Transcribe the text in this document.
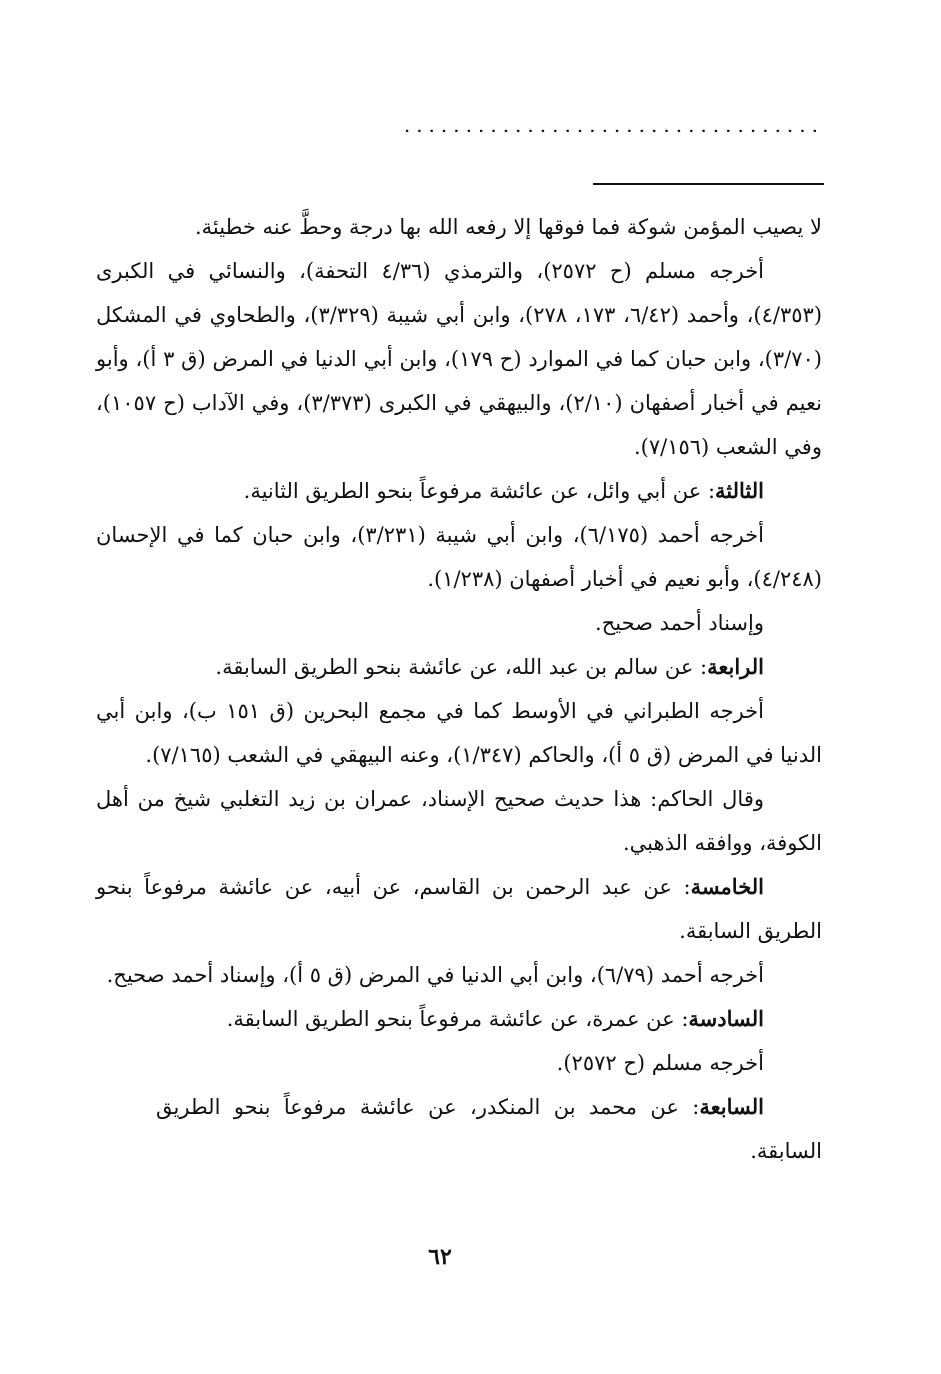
..................................

لا يصيب المؤمن شوكة فما فوقها إلا رفعه الله بها درجة وحطَّ عنه خطيئة.

أخرجه مسلم (ح ٢٥٧٢)، والترمذي (٤/٣٦ التحفة)، والنسائي في الكبرى (٤/٣٥٣)، وأحمد (٦/٤٢، ١٧٣، ٢٧٨)، وابن أبي شيبة (٣/٣٢٩)، والطحاوي في المشكل (٣/٧٠)، وابن حبان كما في الموارد (ح ١٧٩)، وابن أبي الدنيا في المرض (ق ٣ أ)، وأبو نعيم في أخبار أصفهان (٢/١٠)، والبيهقي في الكبرى (٣/٣٧٣)، وفي الآداب (ح ١٠٥٧)، وفي الشعب (٧/١٥٦).

الثالثة: عن أبي وائل، عن عائشة مرفوعاً بنحو الطريق الثانية.

أخرجه أحمد (٦/١٧٥)، وابن أبي شيبة (٣/٢٣١)، وابن حبان كما في الإحسان (٤/٢٤٨)، وأبو نعيم في أخبار أصفهان (١/٢٣٨).

وإسناد أحمد صحيح.

الرابعة: عن سالم بن عبد الله، عن عائشة بنحو الطريق السابقة.

أخرجه الطبراني في الأوسط كما في مجمع البحرين (ق ١٥١ ب)، وابن أبي الدنيا في المرض (ق ٥ أ)، والحاكم (١/٣٤٧)، وعنه البيهقي في الشعب (٧/١٦٥).

وقال الحاكم: هذا حديث صحيح الإسناد، عمران بن زيد التغلبي شيخ من أهل الكوفة، ووافقه الذهبي.

الخامسة: عن عبد الرحمن بن القاسم، عن أبيه، عن عائشة مرفوعاً بنحو الطريق السابقة.

أخرجه أحمد (٦/٧٩)، وابن أبي الدنيا في المرض (ق ٥ أ)، وإسناد أحمد صحيح.

السادسة: عن عمرة، عن عائشة مرفوعاً بنحو الطريق السابقة.

أخرجه مسلم (ح ٢٥٧٢).

السابعة: عن محمد بن المنكدر، عن عائشة مرفوعاً بنحو الطريق السابقة.

٦٢
